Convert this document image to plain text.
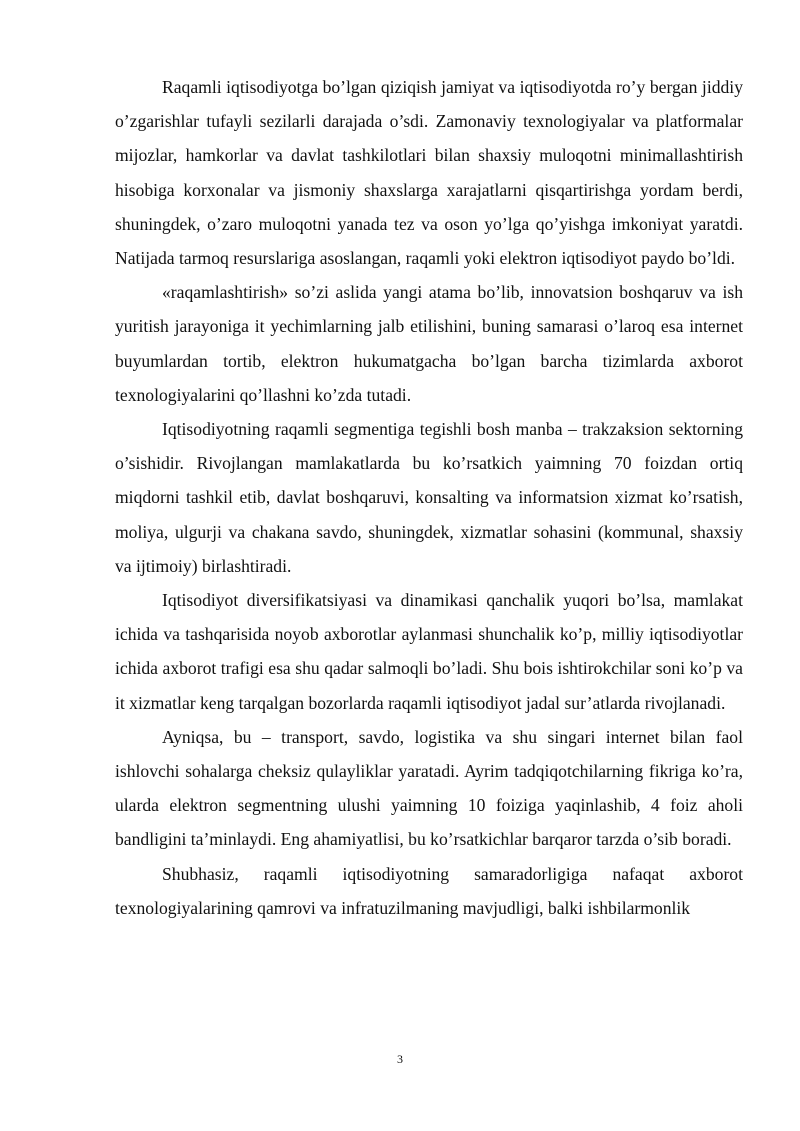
Raqamli iqtisodiyotga bo’lgan qiziqish jamiyat va iqtisodiyotda ro’y bergan jiddiy o’zgarishlar tufayli sezilarli darajada o’sdi. Zamonaviy texnologiyalar va platformalar mijozlar, hamkorlar va davlat tashkilotlari bilan shaxsiy muloqotni minimallashtirish hisobiga korxonalar va jismoniy shaxslarga xarajatlarni qisqartirishga yordam berdi, shuningdek, o’zaro muloqotni yanada tez va oson yo’lga qo’yishga imkoniyat yaratdi. Natijada tarmoq resurslariga asoslangan, raqamli yoki elektron iqtisodiyot paydo bo’ldi.

«raqamlashtirish» so’zi aslida yangi atama bo’lib, innovatsion boshqaruv va ish yuritish jarayoniga it yechimlarning jalb etilishini, buning samarasi o’laroq esa internet buyumlardan tortib, elektron hukumatgacha bo’lgan barcha tizimlarda axborot texnologiyalarini qo’llashni ko’zda tutadi.

Iqtisodiyotning raqamli segmentiga tegishli bosh manba – trakzaksion sektorning o’sishidir. Rivojlangan mamlakatlarda bu ko’rsatkich yaimning 70 foizdan ortiq miqdorni tashkil etib, davlat boshqaruvi, konsalting va informatsion xizmat ko’rsatish, moliya, ulgurji va chakana savdo, shuningdek, xizmatlar sohasini (kommunal, shaxsiy va ijtimoiy) birlashtiradi.

Iqtisodiyot diversifikatsiyasi va dinamikasi qanchalik yuqori bo’lsa, mamlakat ichida va tashqarisida noyob axborotlar aylanmasi shunchalik ko’p, milliy iqtisodiyotlar ichida axborot trafigi esa shu qadar salmoqli bo’ladi. Shu bois ishtirokchilar soni ko’p va it xizmatlar keng tarqalgan bozorlarda raqamli iqtisodiyot jadal sur’atlarda rivojlanadi.

Ayniqsa, bu – transport, savdo, logistika va shu singari internet bilan faol ishlovchi sohalarga cheksiz qulayliklar yaratadi. Ayrim tadqiqotchilarning fikriga ko’ra, ularda elektron segmentning ulushi yaimning 10 foiziga yaqinlashib, 4 foiz aholi bandligini ta’minlaydi. Eng ahamiyatlisi, bu ko’rsatkichlar barqaror tarzda o’sib boradi.

Shubhasiz, raqamli iqtisodiyotning samaradorligiga nafaqat axborot texnologiyalarining qamrovi va infratuzilmaning mavjudligi, balki ishbilarmonlik

3
